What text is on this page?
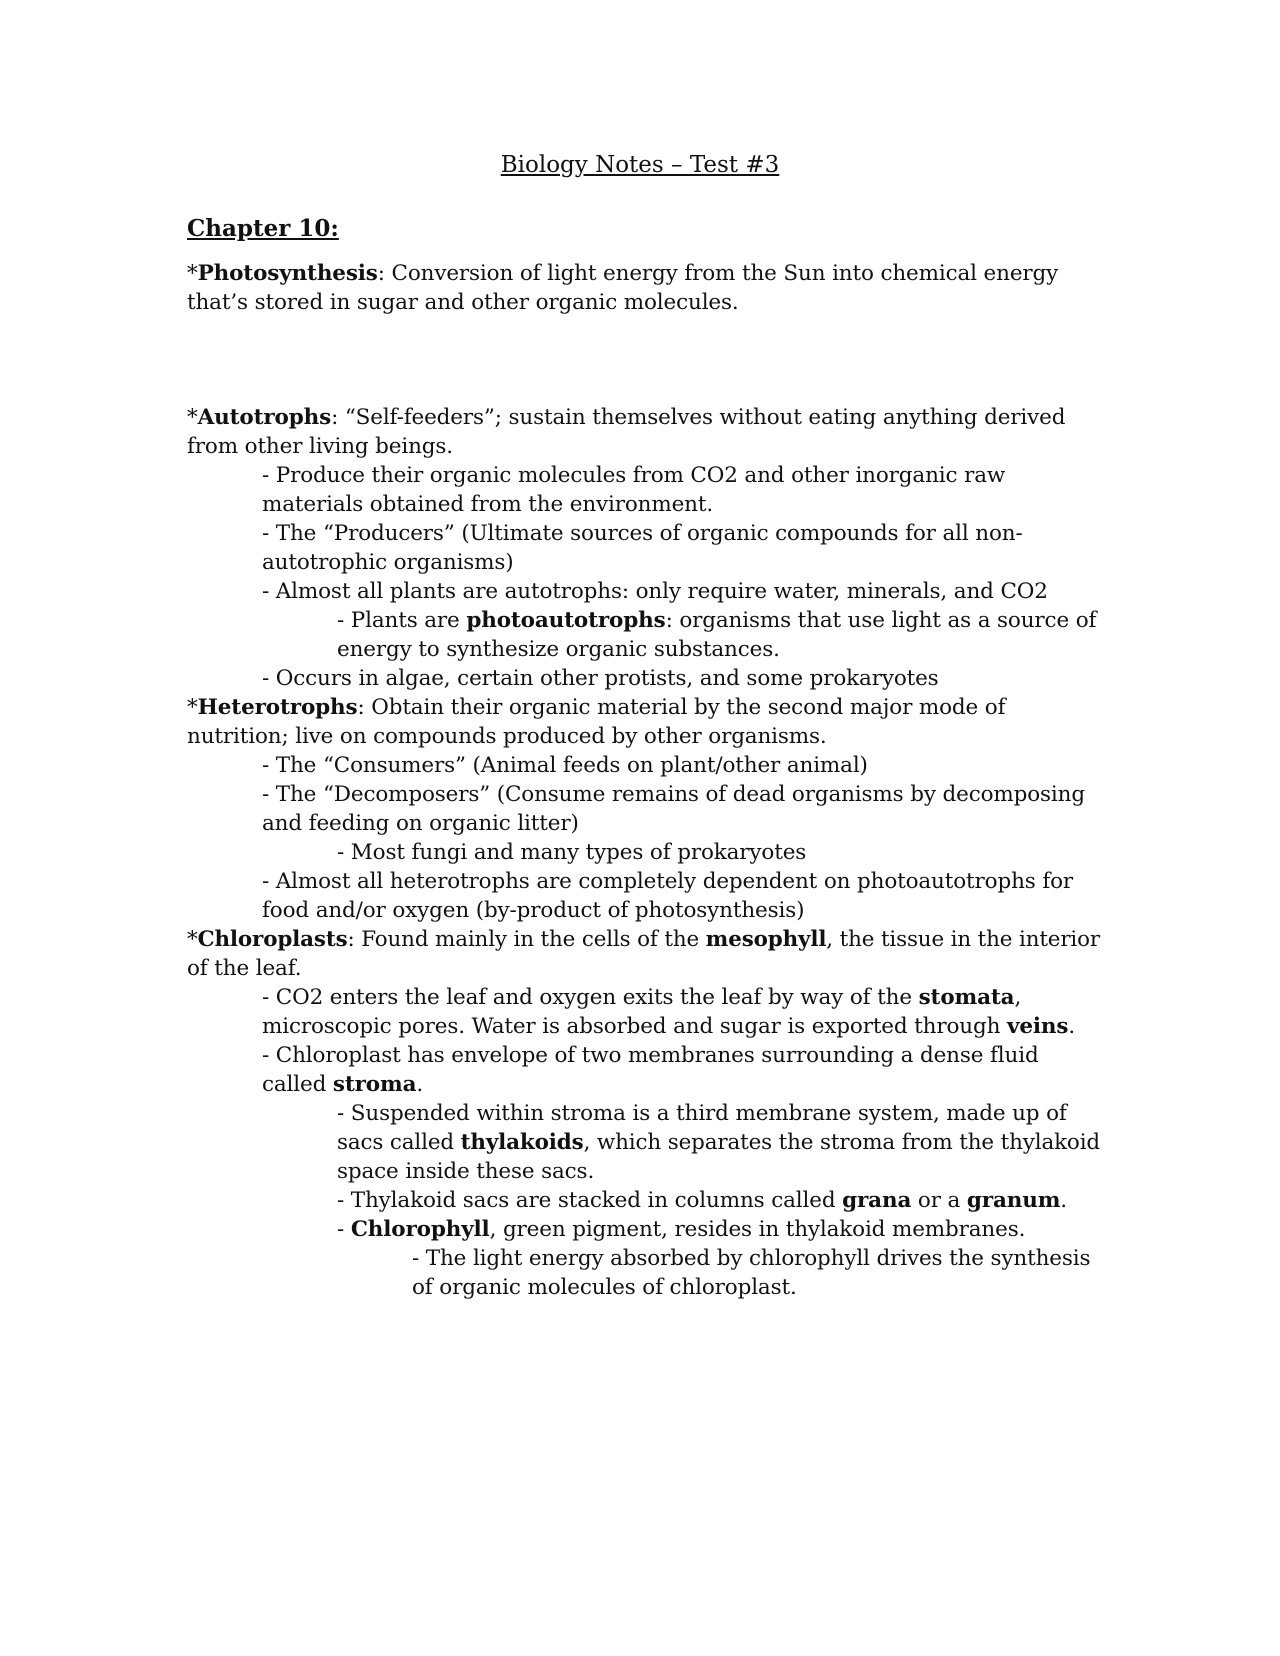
Biology Notes – Test #3
Chapter 10:
*Photosynthesis: Conversion of light energy from the Sun into chemical energy
that’s stored in sugar and other organic molecules.
*Autotrophs: “Self-feeders”; sustain themselves without eating anything derived
from other living beings.
- Produce their organic molecules from CO2 and other inorganic raw
materials obtained from the environment.
- The “Producers” (Ultimate sources of organic compounds for all non-
autotrophic organisms)
- Almost all plants are autotrophs: only require water, minerals, and CO2
- Plants are photoautotrophs: organisms that use light as a source of
energy to synthesize organic substances.
- Occurs in algae, certain other protists, and some prokaryotes
*Heterotrophs: Obtain their organic material by the second major mode of
nutrition; live on compounds produced by other organisms.
- The “Consumers” (Animal feeds on plant/other animal)
- The “Decomposers” (Consume remains of dead organisms by decomposing
and feeding on organic litter)
- Most fungi and many types of prokaryotes
- Almost all heterotrophs are completely dependent on photoautotrophs for
food and/or oxygen (by-product of photosynthesis)
*Chloroplasts: Found mainly in the cells of the mesophyll, the tissue in the interior
of the leaf.
- CO2 enters the leaf and oxygen exits the leaf by way of the stomata,
microscopic pores. Water is absorbed and sugar is exported through veins.
- Chloroplast has envelope of two membranes surrounding a dense fluid
called stroma.
- Suspended within stroma is a third membrane system, made up of
sacs called thylakoids, which separates the stroma from the thylakoid
space inside these sacs.
- Thylakoid sacs are stacked in columns called grana or a granum.
- Chlorophyll, green pigment, resides in thylakoid membranes.
- The light energy absorbed by chlorophyll drives the synthesis
of organic molecules of chloroplast.
